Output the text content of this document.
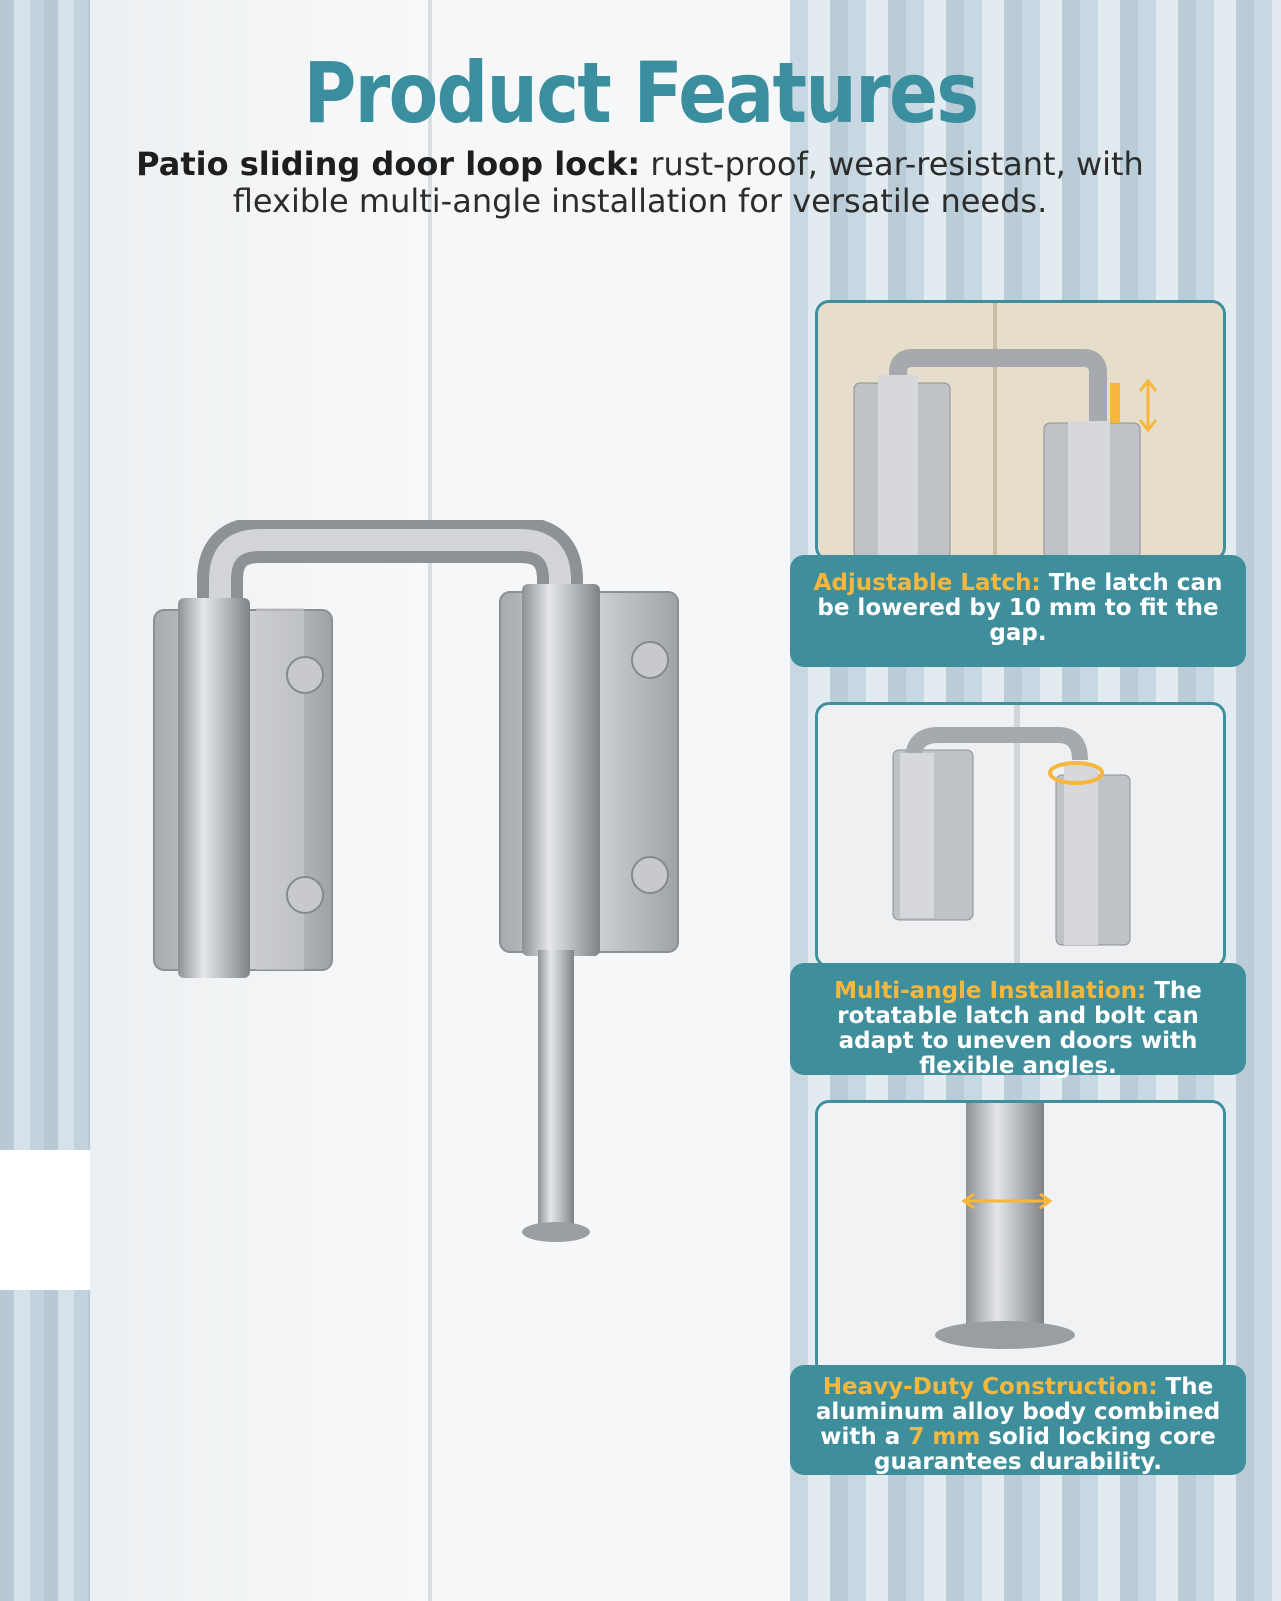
Product Features
Patio sliding door loop lock: rust-proof, wear-resistant, with flexible multi-angle installation for versatile needs.
Adjustable Latch: The latch can be lowered by 10 mm to fit the gap.
Multi-angle Installation: The rotatable latch and bolt can adapt to uneven doors with flexible angles.
Heavy-Duty Construction: The aluminum alloy body combined with a 7 mm solid locking core guarantees durability.
